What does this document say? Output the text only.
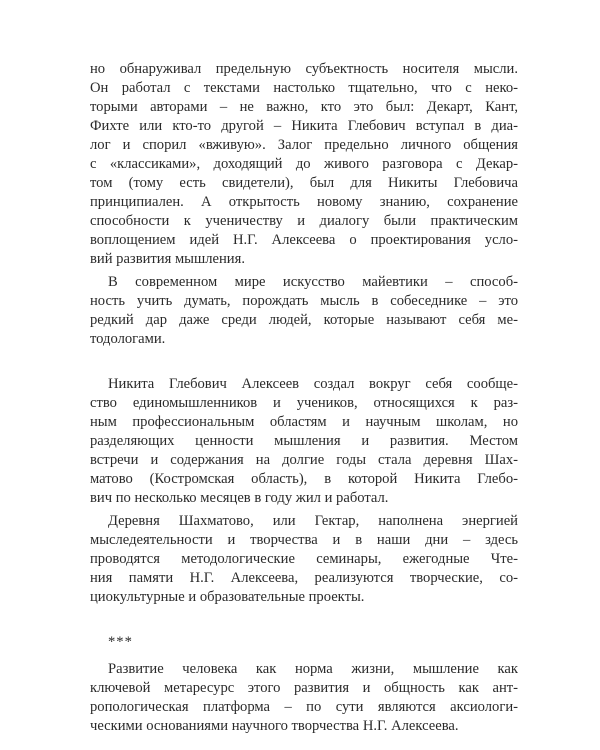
но обнаруживал предельную субъектность носителя мысли.
Он работал с текстами настолько тщательно, что с неко-
торыми авторами – не важно, кто это был: Декарт, Кант,
Фихте или кто-то другой – Никита Глебович вступал в диа-
лог и спорил «вживую». Залог предельно личного общения
с «классиками», доходящий до живого разговора с Декар-
том (тому есть свидетели), был для Никиты Глебовича
принципиален. А открытость новому знанию, сохранение
способности к ученичеству и диалогу были практическим
воплощением идей Н.Г. Алексеева о проектирования усло-
вий развития мышления.
В современном мире искусство майевтики – способ-
ность учить думать, порождать мысль в собеседнике – это
редкий дар даже среди людей, которые называют себя ме-
тодологами.
Никита Глебович Алексеев создал вокруг себя сообще-
ство единомышленников и учеников, относящихся к раз-
ным профессиональным областям и научным школам, но
разделяющих ценности мышления и развития. Местом
встречи и содержания на долгие годы стала деревня Шах-
матово (Костромская область), в которой Никита Глебо-
вич по несколько месяцев в году жил и работал.
Деревня Шахматово, или Гектар, наполнена энергией
мыследеятельности и творчества и в наши дни – здесь
проводятся методологические семинары, ежегодные Чте-
ния памяти Н.Г. Алексеева, реализуются творческие, со-
циокультурные и образовательные проекты.
***
Развитие человека как норма жизни, мышление как
ключевой метаресурс этого развития и общность как ант-
ропологическая платформа – по сути являются аксиологи-
ческими основаниями научного творчества Н.Г. Алексеева.
